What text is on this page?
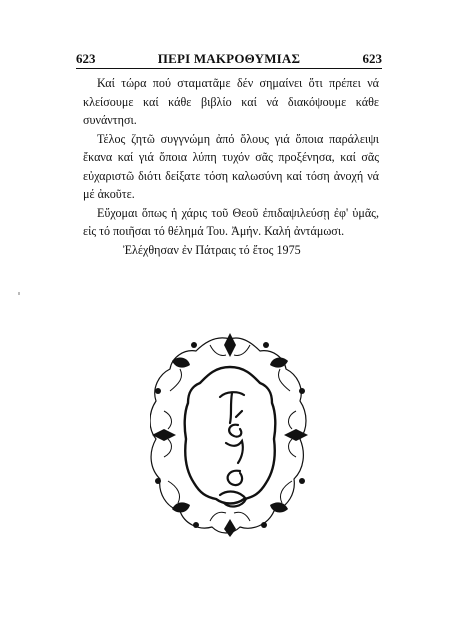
623	ΠΕΡΙ ΜΑΚΡΟΘΥΜΙΑΣ	623

Καί τώρα πού σταματᾶμε δέν σημαίνει ὅτι πρέπει νά κλείσουμε καί κάθε βιβλίο καί νά διακόψουμε κάθε συνάντησι.

Τέλος ζητῶ συγγνώμη ἀπό ὅλους γιά ὅποια παράλειψι ἔκανα καί γιά ὅποια λύπη τυχόν σᾶς προξένησα, καί σᾶς εὐχαριστῶ διότι δείξατε τόση καλωσύνη καί τόση ἀνοχή νά μέ ἀκοῦτε.

Εὔχομαι ὅπως ἡ χάρις τοῦ Θεοῦ ἐπιδαψιλεύσῃ ἐφ' ὑμᾶς, εἰς τό ποιῆσαι τό θέλημά Του. Ἀμήν. Καλή ἀντάμωσι.

Ἐλέχθησαν ἐν Πάτραις τό ἔτος 1975
